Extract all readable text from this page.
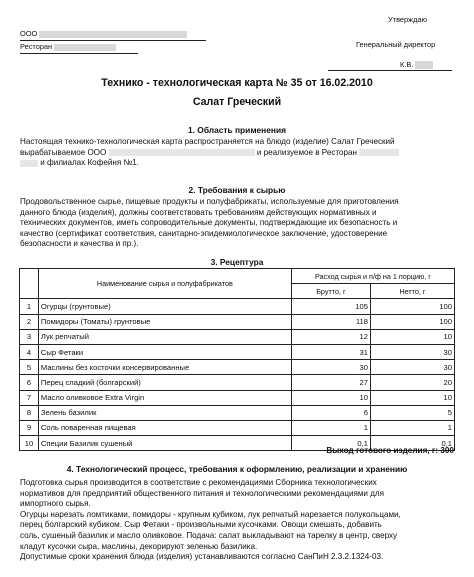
Утверждаю
ООО
Ресторан	Генеральный директор
К.В.
Технико - технологическая карта № 35 от 16.02.2010
Салат Греческий
1. Область применения
Настоящая технико-технологическая карта распространяется на блюдо (изделие) Салат Греческий
вырабатываемое ООО	и реализуемое в Ресторан
и филиалах Кофейня №1.
2. Требования к сырью
Продовольственное сырье, пищевые продукты и полуфабрикаты, используемые для приготовления
данного блюда (изделия), должны соответствовать требованиям действующих нормативных и
технических документов, иметь сопроводительные документы, подтверждающие их безопасность и
качество (сертификат соответствия, санитарно-эпидемиологическое заключение, удостоверение
безопасности и качества и пр.).
3. Рецептура
	Наименование сырья и полуфабрикатов	Расход сырья и п/ф на 1 порцию, г	
		Брутто, г	Нетто, г
1	Огурцы (грунтовые)	105	100
2	Помидоры (Томаты) грунтовые	118	100
3	Лук репчатый	12	10
4	Сыр Фетаки	31	30
5	Маслины без косточки консервированные	30	30
6	Перец сладкий (болгарский)	27	20
7	Масло оливковое Extra Virgin	10	10
8	Зелень базилик	6	5
9	Соль поваренная пищевая	1	1
10	Специи Базилик сушеный	0,1	0,1
Выход готового изделия, г: 300
4. Технологический процесс, требования к оформлению, реализации и хранению
Подготовка сырья производится в соответствие с рекомендациями Сборника технологических
нормативов для предприятий общественного питания и технологическими рекомендациями для
импортного сырья.
Огурцы нарезать ломтиками, помидоры - крупным кубиком, лук репчатый нарезается полукольцами,
перец болгарский кубиком. Сыр Фетаки - произвольными кусочками. Овощи смешать, добавить
соль, сушеный базилик и масло оливковое. Подача: салат выкладывают на тарелку в центр, сверху
кладут кусочки сыра, маслины, декорируют зеленью базилика.
Допустимые сроки хранения блюда (изделия) устанавливаются согласно СанПиН 2.3.2.1324-03.
